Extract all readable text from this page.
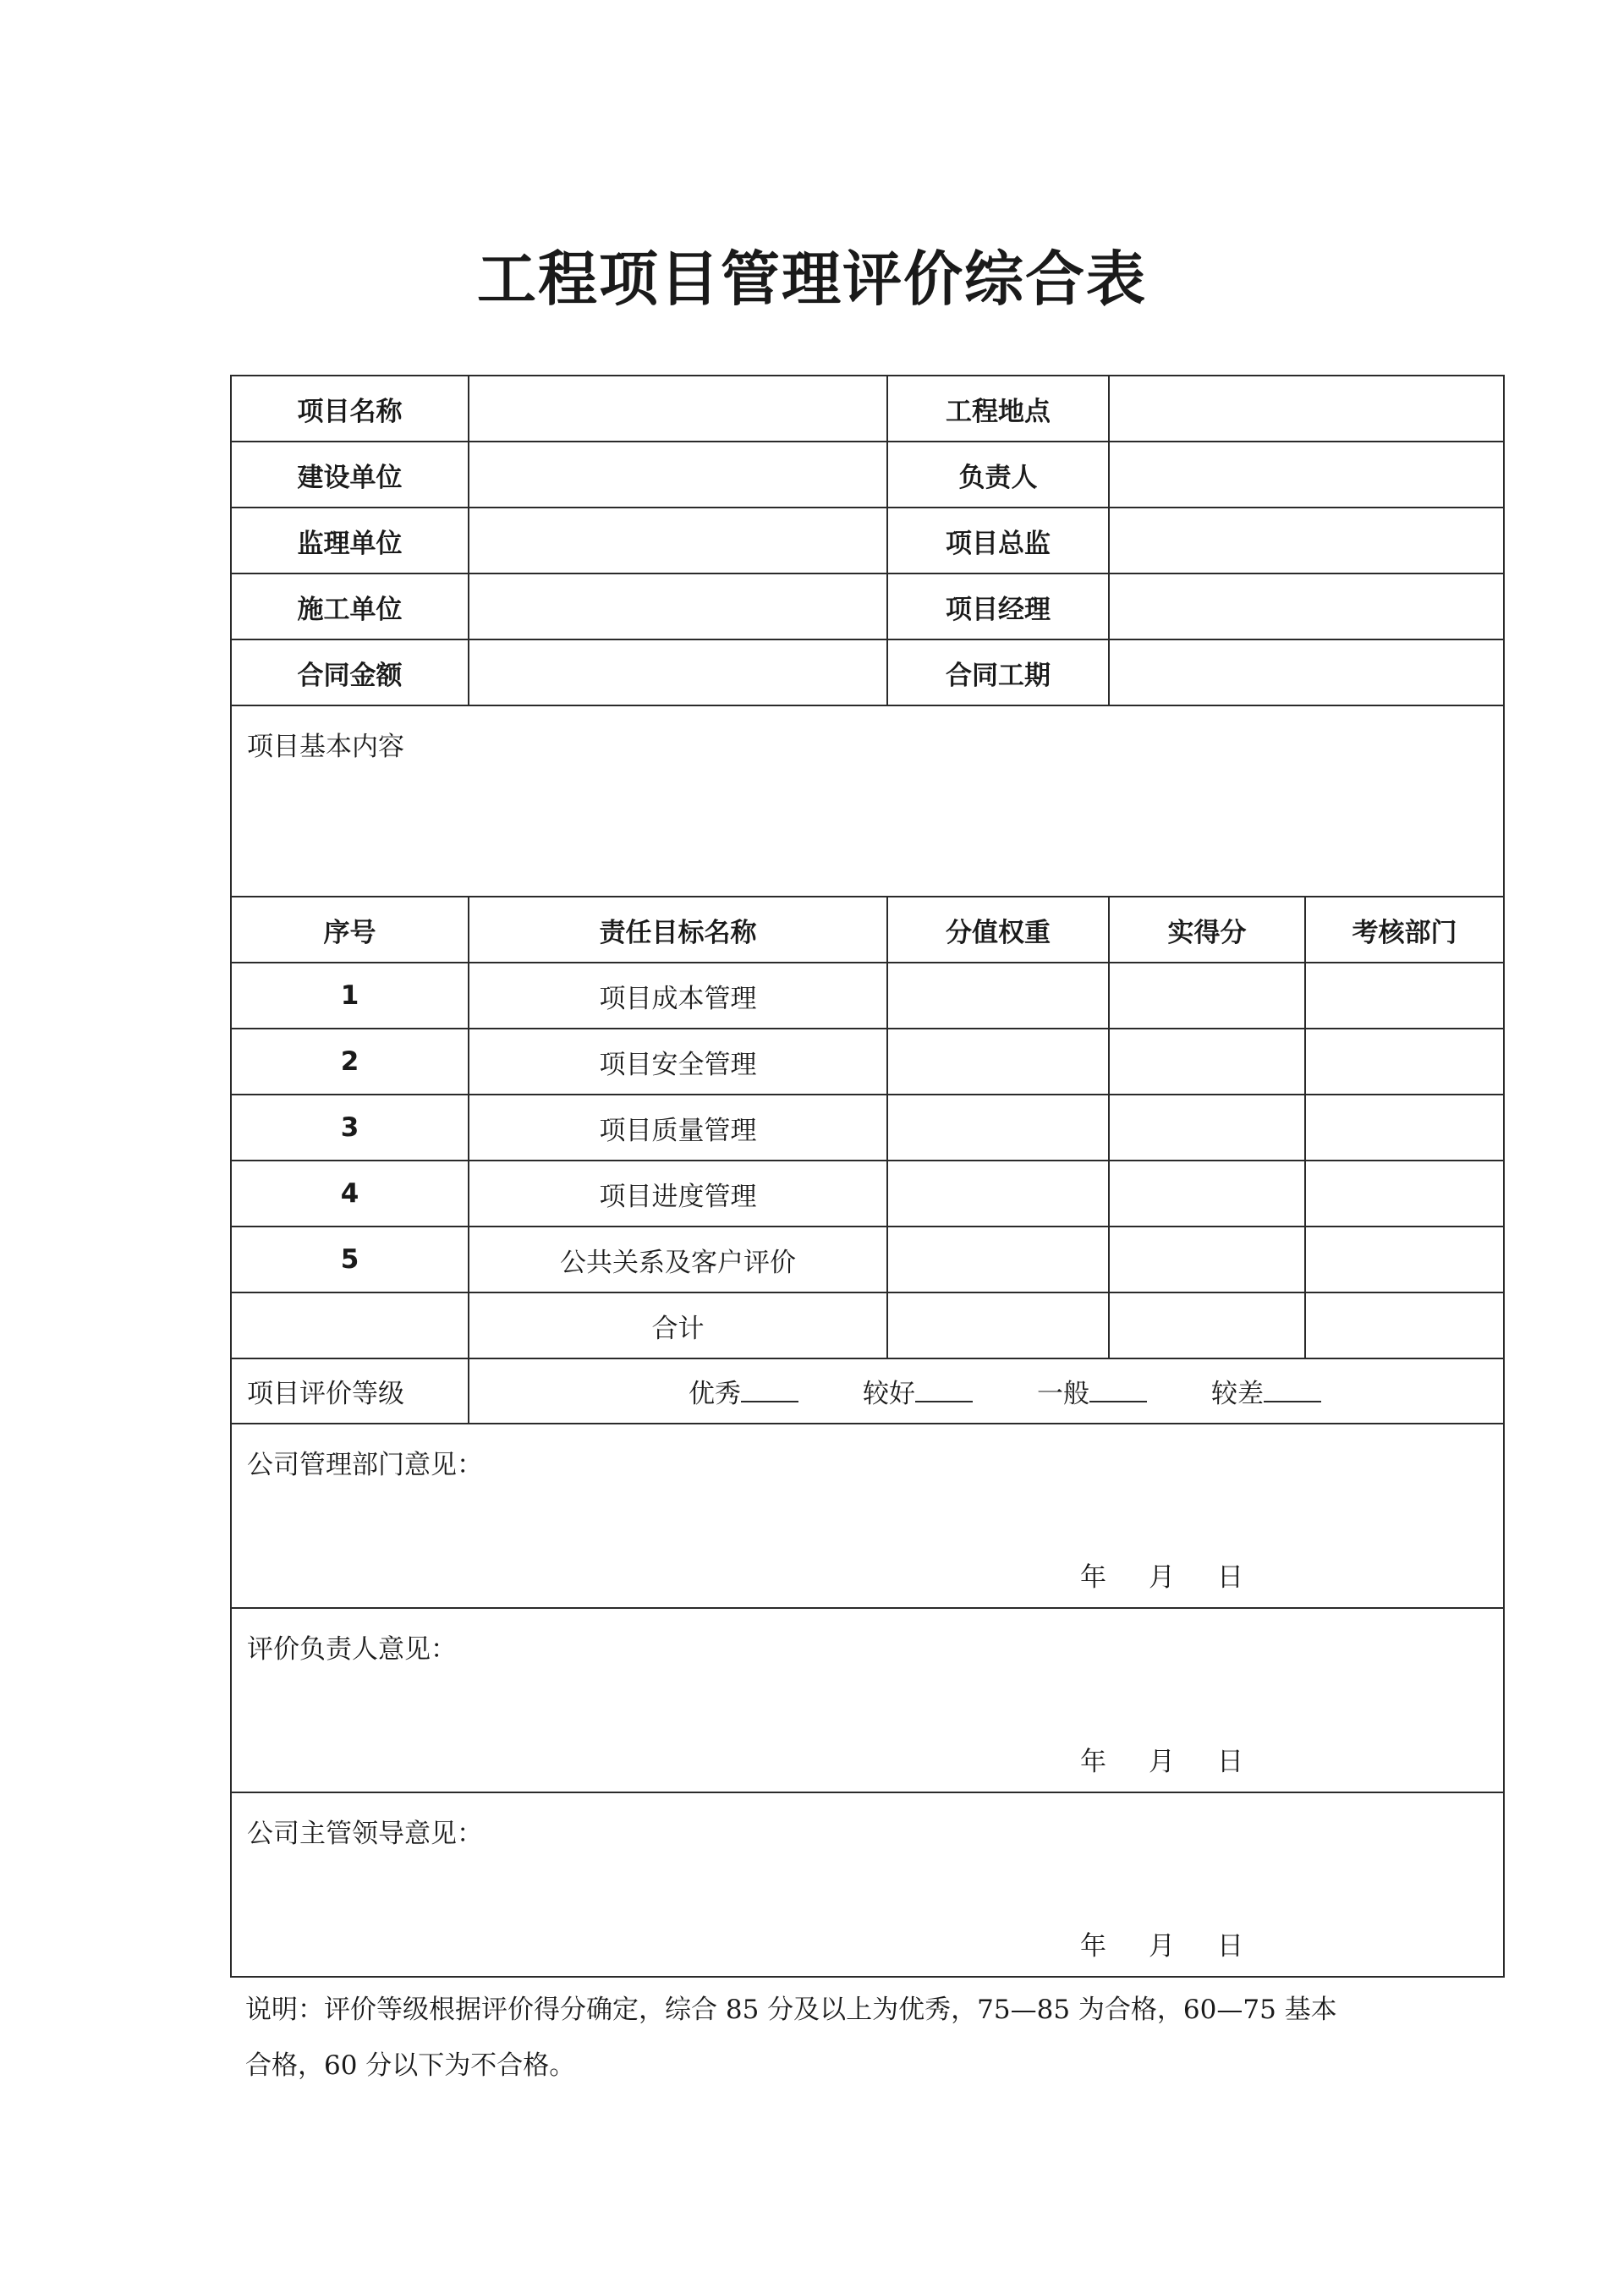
工程项目管理评价综合表
项目名称		工程地点		
建设单位		负责人		
监理单位		项目总监		
施工单位		项目经理		
合同金额		合同工期		
项目基本内容				
序号	责任目标名称	分值权重	实得分	考核部门
1	项目成本管理			
2	项目安全管理			
3	项目质量管理			
4	项目进度管理			
5	公共关系及客户评价			
	合计			
项目评价等级	优秀 较好 一般 较差			

公司管理部门意见：
年 月 日				

评价负责人意见：
年 月 日				

公司主管领导意见：
年 月 日				

说明：评价等级根据评价得分确定，综合 85 分及以上为优秀，75—85 为合格，60—75 基本

合格，60 分以下为不合格。
